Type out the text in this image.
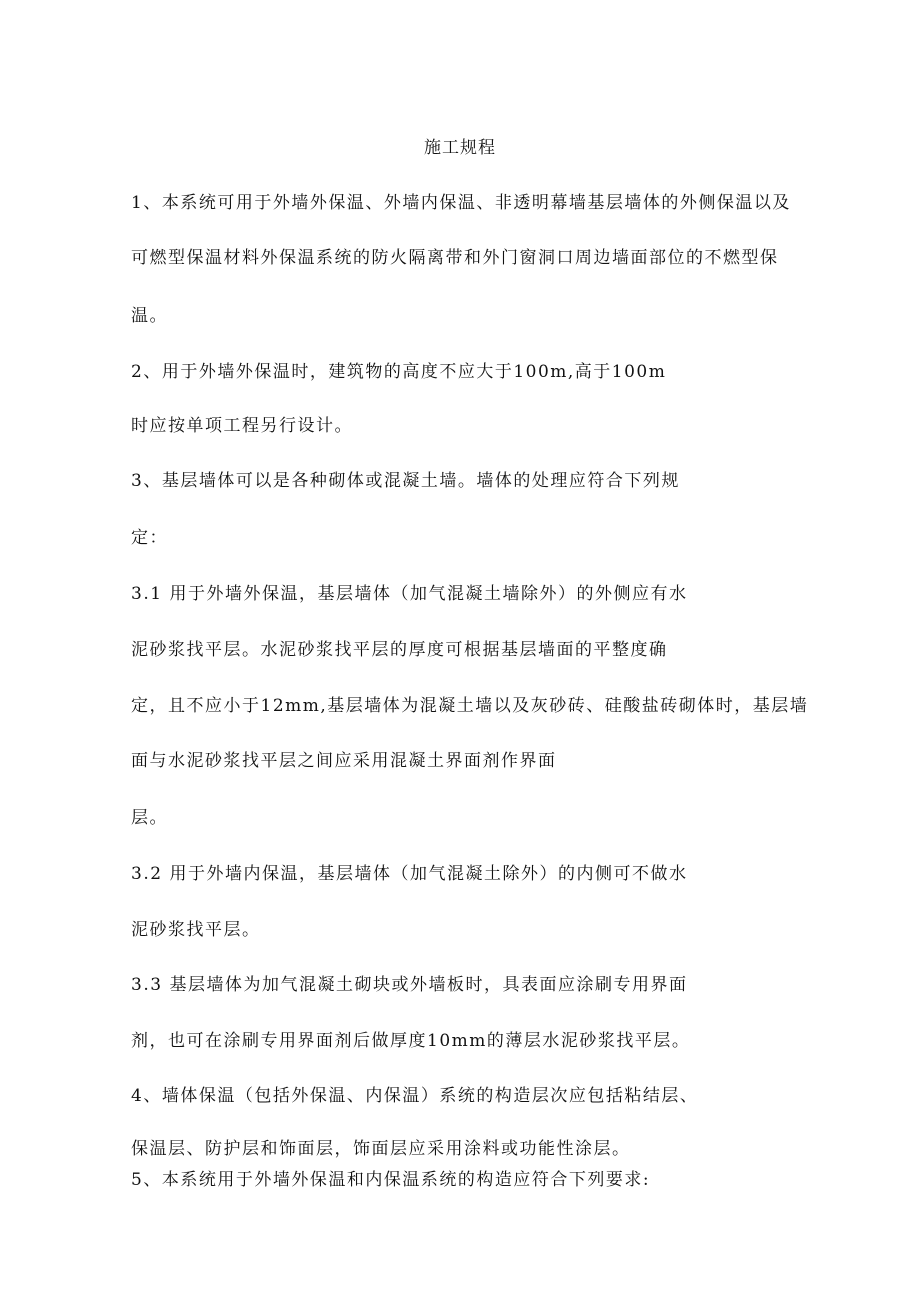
施工规程
1、本系统可用于外墙外保温、外墙内保温、非透明幕墙基层墙体的外侧保温以及
可燃型保温材料外保温系统的防火隔离带和外门窗洞口周边墙面部位的不燃型保
温。
2、用于外墙外保温时，建筑物的高度不应大于100m,高于100m
时应按单项工程另行设计。
3、基层墙体可以是各种砌体或混凝土墙。墙体的处理应符合下列规
定：
3.1 用于外墙外保温，基层墙体（加气混凝土墙除外）的外侧应有水
泥砂浆找平层。水泥砂浆找平层的厚度可根据基层墙面的平整度确
定，且不应小于12mm,基层墙体为混凝土墙以及灰砂砖、硅酸盐砖砌体时，基层墙
面与水泥砂浆找平层之间应采用混凝土界面剂作界面
层。
3.2 用于外墙内保温，基层墙体（加气混凝土除外）的内侧可不做水
泥砂浆找平层。
3.3 基层墙体为加气混凝土砌块或外墙板时，具表面应涂刷专用界面
剂，也可在涂刷专用界面剂后做厚度10mm的薄层水泥砂浆找平层。
4、墙体保温（包括外保温、内保温）系统的构造层次应包括粘结层、
保温层、防护层和饰面层，饰面层应采用涂料或功能性涂层。
5、本系统用于外墙外保温和内保温系统的构造应符合下列要求:
